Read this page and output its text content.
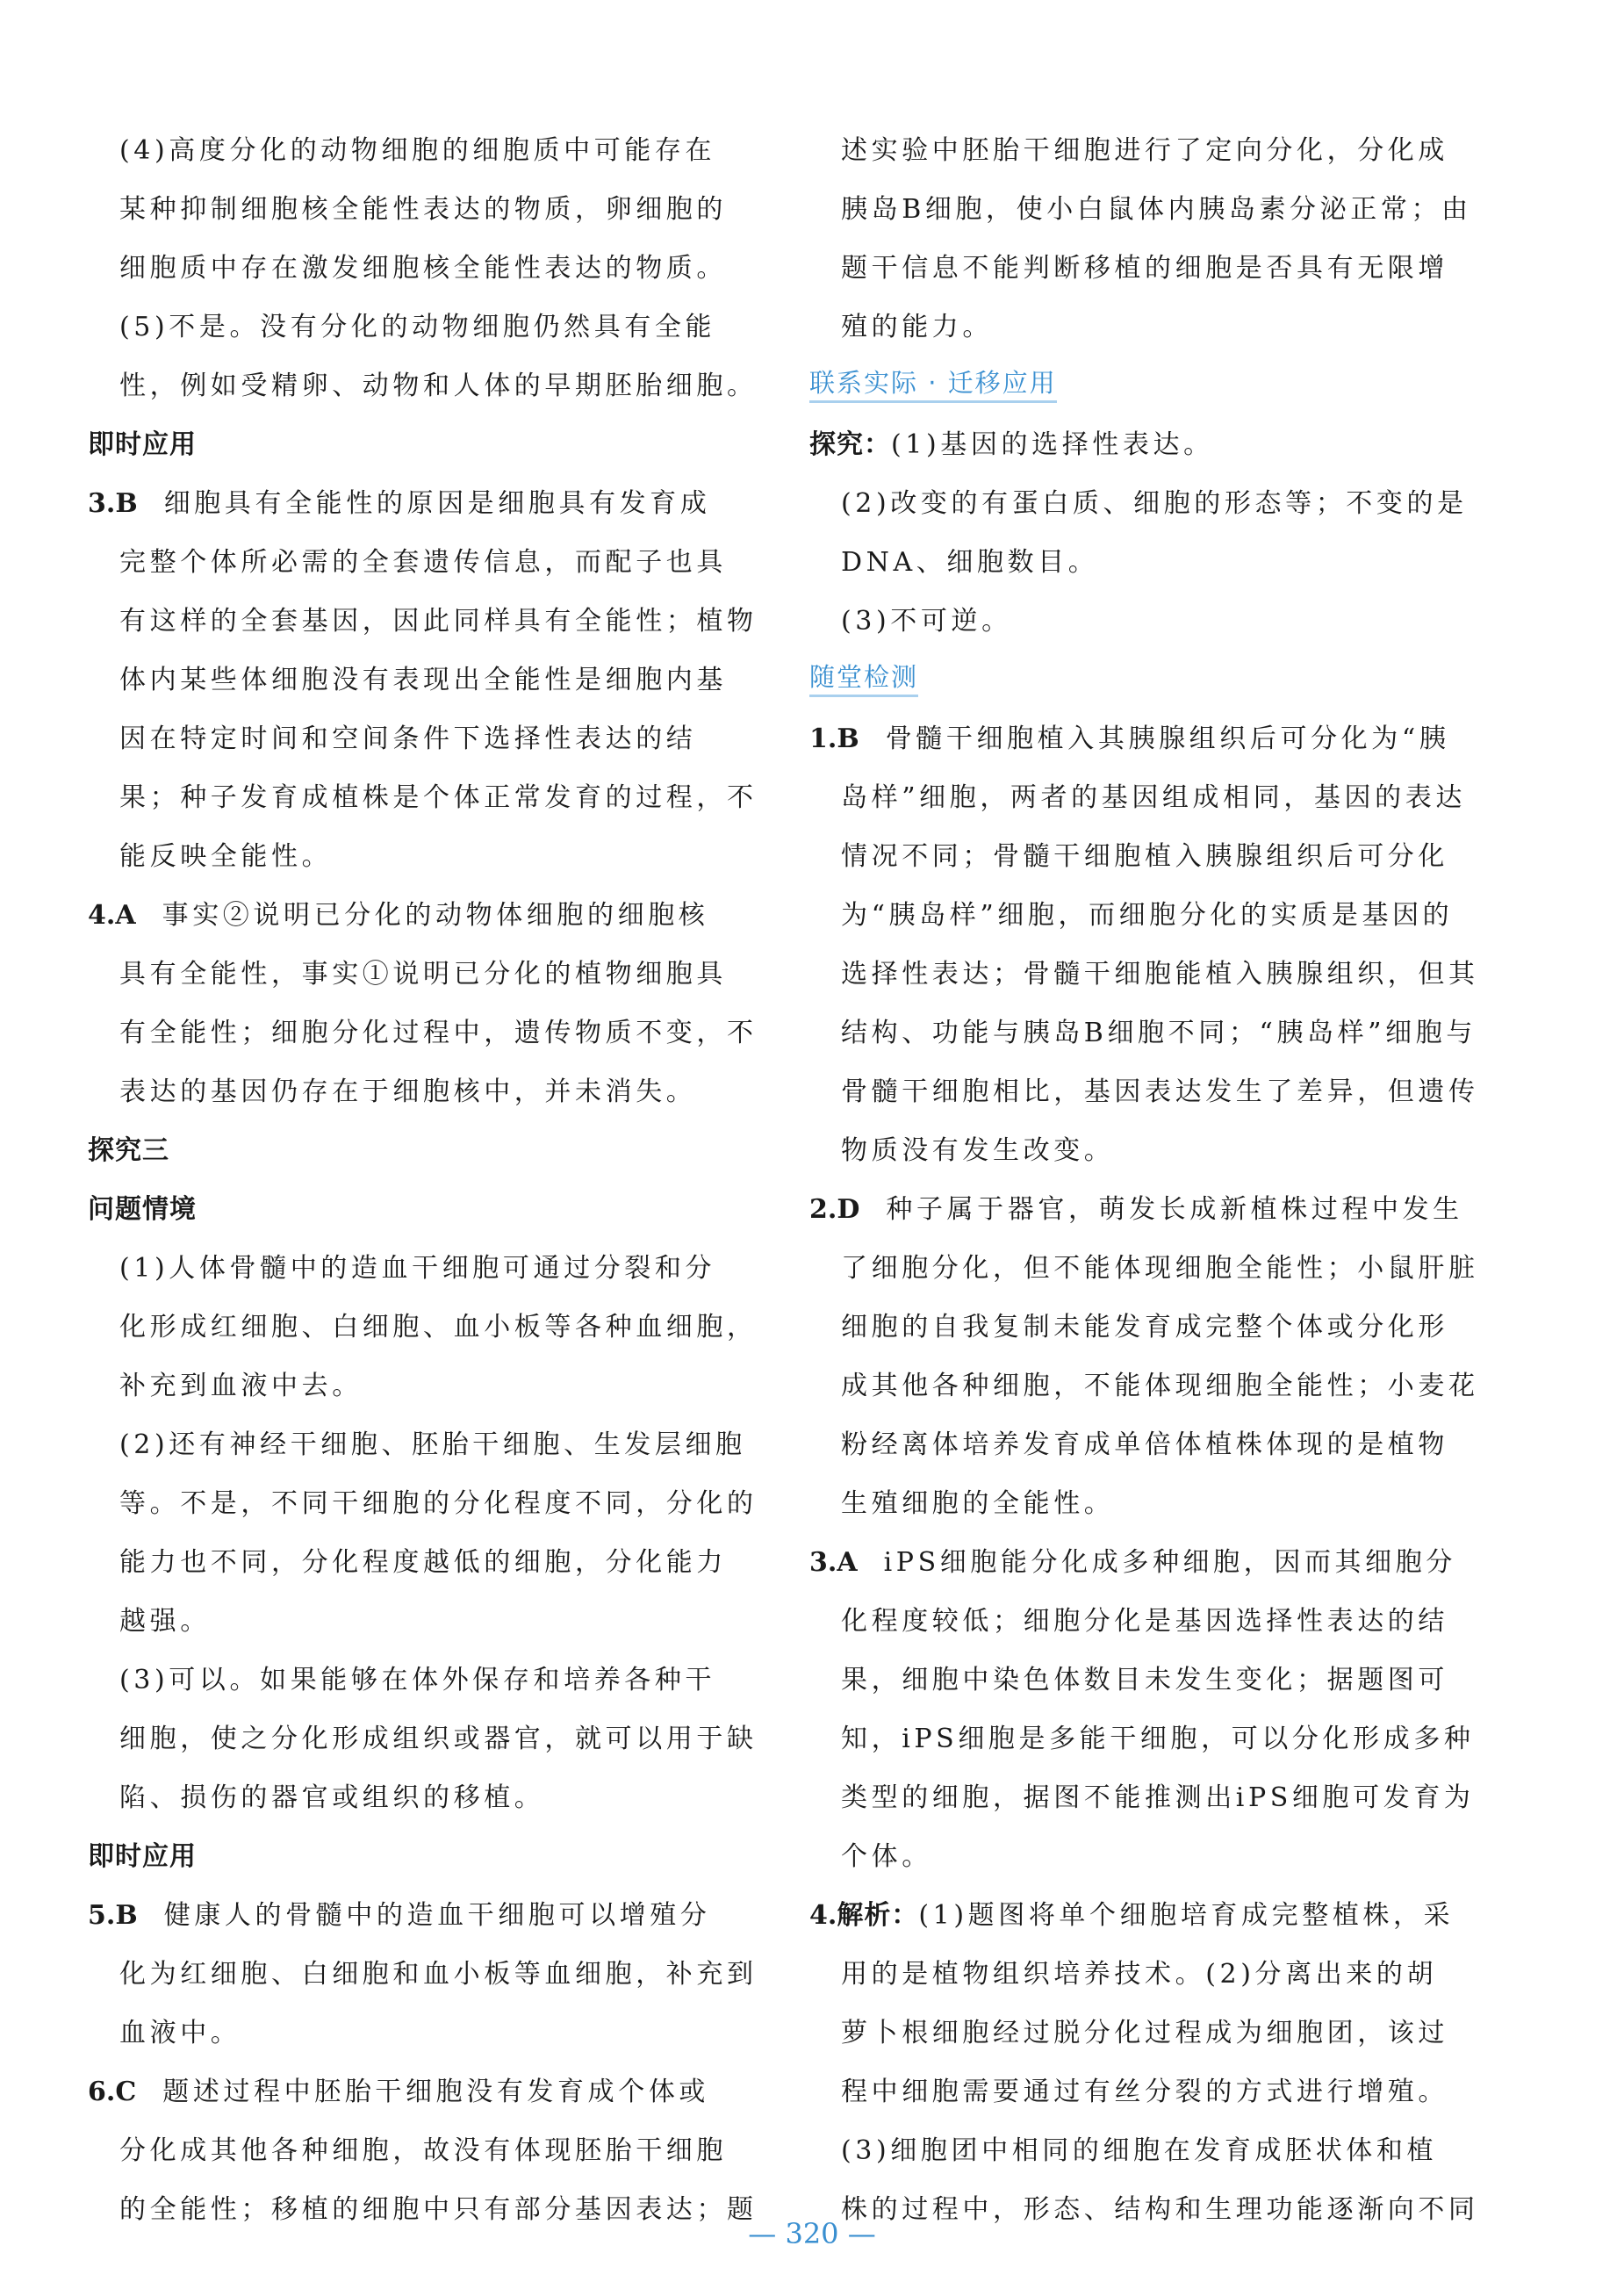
(4)高度分化的动物细胞的细胞质中可能存在
某种抑制细胞核全能性表达的物质，卵细胞的
细胞质中存在激发细胞核全能性表达的物质。
(5)不是。没有分化的动物细胞仍然具有全能
性，例如受精卵、动物和人体的早期胚胎细胞。
即时应用
3.B 细胞具有全能性的原因是细胞具有发育成
完整个体所必需的全套遗传信息，而配子也具
有这样的全套基因，因此同样具有全能性；植物
体内某些体细胞没有表现出全能性是细胞内基
因在特定时间和空间条件下选择性表达的结
果；种子发育成植株是个体正常发育的过程，不
能反映全能性。
4.A 事实②说明已分化的动物体细胞的细胞核
具有全能性，事实①说明已分化的植物细胞具
有全能性；细胞分化过程中，遗传物质不变，不
表达的基因仍存在于细胞核中，并未消失。
探究三
问题情境
(1)人体骨髓中的造血干细胞可通过分裂和分
化形成红细胞、白细胞、血小板等各种血细胞，
补充到血液中去。
(2)还有神经干细胞、胚胎干细胞、生发层细胞
等。不是，不同干细胞的分化程度不同，分化的
能力也不同，分化程度越低的细胞，分化能力
越强。
(3)可以。如果能够在体外保存和培养各种干
细胞，使之分化形成组织或器官，就可以用于缺
陷、损伤的器官或组织的移植。
即时应用
5.B 健康人的骨髓中的造血干细胞可以增殖分
化为红细胞、白细胞和血小板等血细胞，补充到
血液中。
6.C 题述过程中胚胎干细胞没有发育成个体或
分化成其他各种细胞，故没有体现胚胎干细胞
的全能性；移植的细胞中只有部分基因表达；题
述实验中胚胎干细胞进行了定向分化，分化成
胰岛B细胞，使小白鼠体内胰岛素分泌正常；由
题干信息不能判断移植的细胞是否具有无限增
殖的能力。
联系实际 · 迁移应用
探究：(1)基因的选择性表达。
(2)改变的有蛋白质、细胞的形态等；不变的是
DNA、细胞数目。
(3)不可逆。
随堂检测
1.B 骨髓干细胞植入其胰腺组织后可分化为“胰
岛样”细胞，两者的基因组成相同，基因的表达
情况不同；骨髓干细胞植入胰腺组织后可分化
为“胰岛样”细胞，而细胞分化的实质是基因的
选择性表达；骨髓干细胞能植入胰腺组织，但其
结构、功能与胰岛B细胞不同；“胰岛样”细胞与
骨髓干细胞相比，基因表达发生了差异，但遗传
物质没有发生改变。
2.D 种子属于器官，萌发长成新植株过程中发生
了细胞分化，但不能体现细胞全能性；小鼠肝脏
细胞的自我复制未能发育成完整个体或分化形
成其他各种细胞，不能体现细胞全能性；小麦花
粉经离体培养发育成单倍体植株体现的是植物
生殖细胞的全能性。
3.A iPS细胞能分化成多种细胞，因而其细胞分
化程度较低；细胞分化是基因选择性表达的结
果，细胞中染色体数目未发生变化；据题图可
知，iPS细胞是多能干细胞，可以分化形成多种
类型的细胞，据图不能推测出iPS细胞可发育为
个体。
4.解析：(1)题图将单个细胞培育成完整植株，采
用的是植物组织培养技术。(2)分离出来的胡
萝卜根细胞经过脱分化过程成为细胞团，该过
程中细胞需要通过有丝分裂的方式进行增殖。
(3)细胞团中相同的细胞在发育成胚状体和植
株的过程中，形态、结构和生理功能逐渐向不同
— 320 —
